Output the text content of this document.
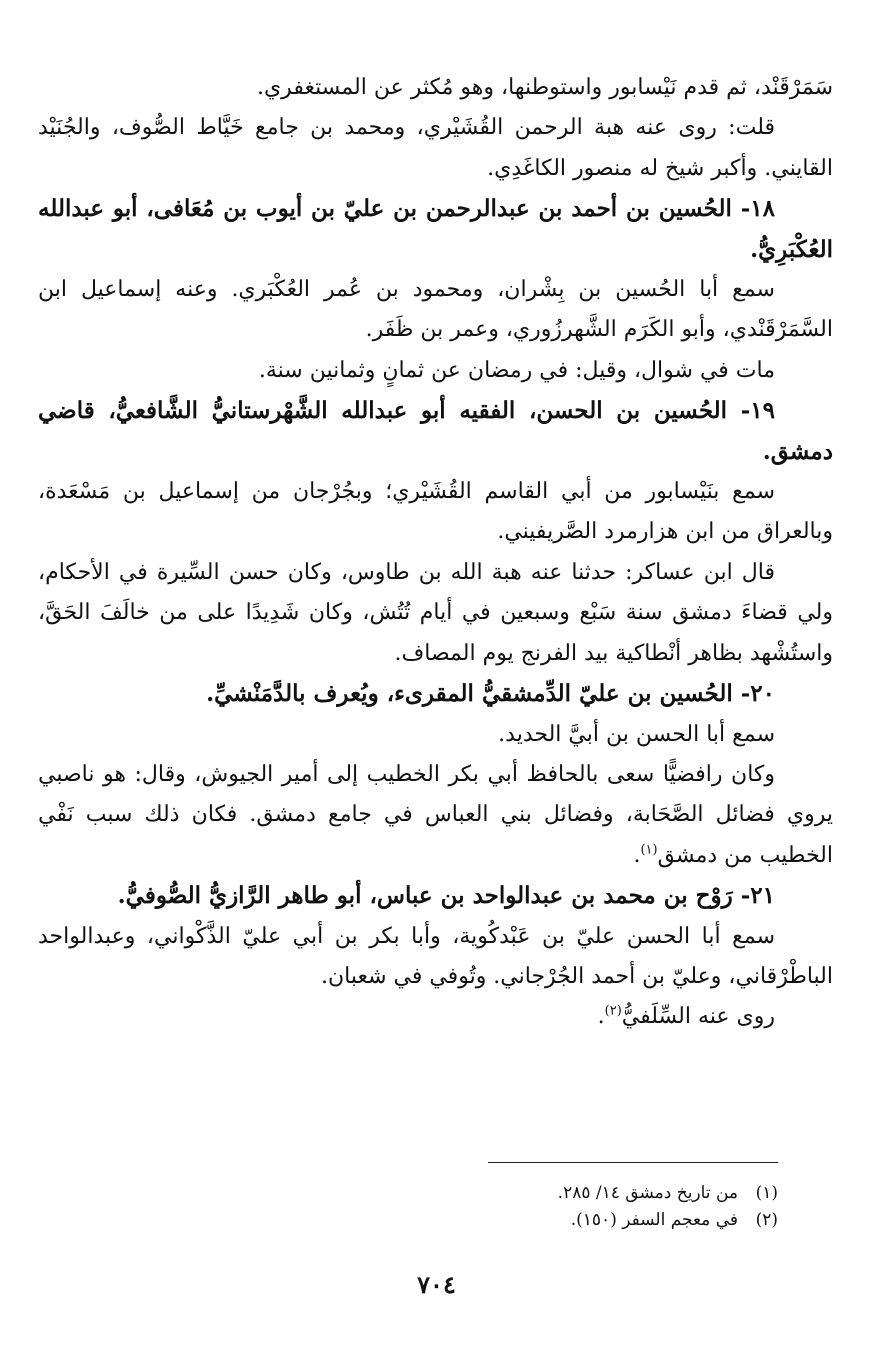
سَمَرْقَنْد، ثم قدم نَيْسابور واستوطنها، وهو مُكثر عن المستغفري.

قلت: روى عنه هبة الرحمن القُشَيْري، ومحمد بن جامع خَيَّاط الصُّوف، والجُنَيْد القايني. وأكبر شيخ له منصور الكاغَدِي.

١٨- الحُسين بن أحمد بن عبدالرحمن بن عليّ بن أيوب بن مُعَافى، أبو عبدالله العُكْبَرِيُّ.

سمع أبا الحُسين بن بِشْران، ومحمود بن عُمر العُكْبَري. وعنه إسماعيل ابن السَّمَرْقَنْدي، وأبو الكَرَم الشَّهرزُوري، وعمر بن ظَفَر.

مات في شوال، وقيل: في رمضان عن ثمانٍ وثمانين سنة.

١٩- الحُسين بن الحسن، الفقيه أبو عبدالله الشَّهْرستانيُّ الشَّافعيُّ، قاضي دمشق.

سمع بنَيْسابور من أبي القاسم القُشَيْري؛ وبجُرْجان من إسماعيل بن مَسْعَدة، وبالعراق من ابن هزارمرد الصَّريفيني.

قال ابن عساكر: حدثنا عنه هبة الله بن طاوس، وكان حسن السِّيرة في الأحكام، ولي قضاءَ دمشق سنة سَبْع وسبعين في أيام تُتُش، وكان شَدِيدًا على من خالَفَ الحَقَّ، واستُشْهد بظاهر أنْطاكية بيد الفرنج يوم المصاف.

٢٠- الحُسين بن عليّ الدِّمشقيُّ المقرىء، ويُعرف بالدَّمَنْشيِّ.

سمع أبا الحسن بن أبيَّ الحديد.

وكان رافضيًّا سعى بالحافظ أبي بكر الخطيب إلى أمير الجيوش، وقال: هو ناصبي يروي فضائل الصَّحَابة، وفضائل بني العباس في جامع دمشق. فكان ذلك سبب نَفْي الخطيب من دمشق$^{(١)}$.

٢١- رَوْح بن محمد بن عبدالواحد بن عباس، أبو طاهر الرَّازيُّ الصُّوفيُّ.

سمع أبا الحسن عليّ بن عَبْدكُوية، وأبا بكر بن أبي عليّ الذَّكْواني، وعبدالواحد الباطْرْقاني، وعليّ بن أحمد الجُرْجاني. وتُوفي في شعبان.

روى عنه السِّلَفيُّ$^{(٢)}$.

(١)من تاريخ دمشق ١٤/ ٢٨٥.

(٢)في معجم السفر (١٥٠).

٧٠٤
